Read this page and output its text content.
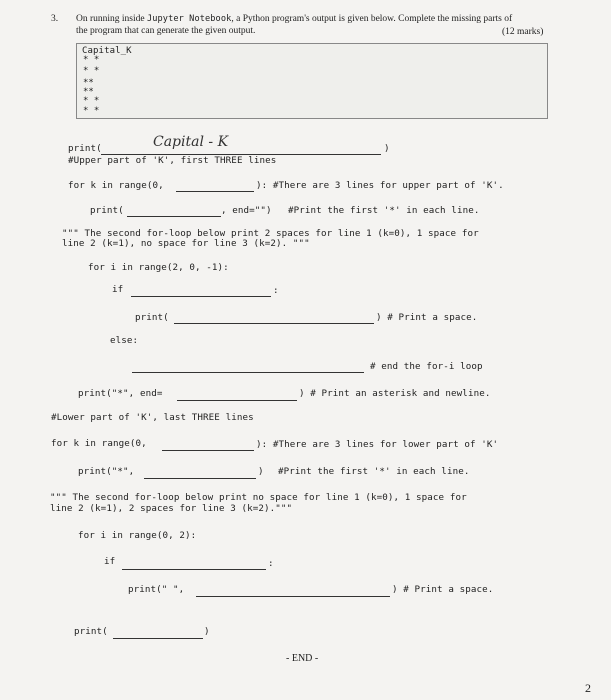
3. On running inside Jupyter Notebook, a Python program's output is given below. Complete the missing parts of
the program that can generate the given output.	(12 marks)
Capital_K
* *
* *
**
**
* *
* *
print(	Capital - K	)
#Upper part of 'K', first THREE lines
for k in range(0,	): #There are 3 lines for upper part of 'K'.
print(	, end="") #Print the first '*' in each line.
""" The second for-loop below print 2 spaces for line 1 (k=0), 1 space for
line 2 (k=1), no space for line 3 (k=2). """
for i in range(2, 0, -1):
if	:
print(	) # Print a space.
else:
# end the for-i loop
print("*", end=	) # Print an asterisk and newline.
#Lower part of 'K', last THREE lines
for k in range(0,	): #There are 3 lines for lower part of 'K'
print("*",	) #Print the first '*' in each line.
""" The second for-loop below print no space for line 1 (k=0), 1 space for
line 2 (k=1), 2 spaces for line 3 (k=2)."""
for i in range(0, 2):
if	:
print(" ",	) # Print a space.
print(	)
- END -
2
